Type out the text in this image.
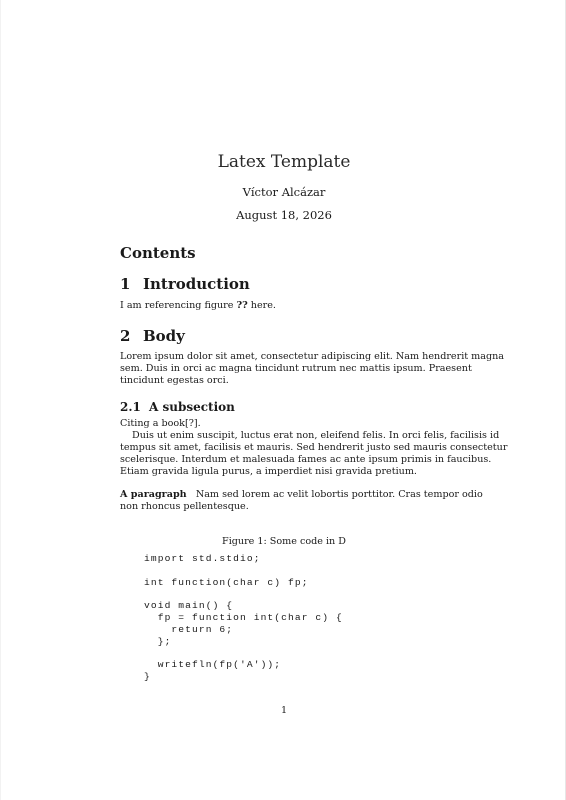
Latex Template
Víctor Alcázar
August 18, 2026
Contents
1 Introduction
I am referencing figure ?? here.
2 Body
Lorem ipsum dolor sit amet, consectetur adipiscing elit. Nam hendrerit magna
sem. Duis in orci ac magna tincidunt rutrum nec mattis ipsum. Praesent
tincidunt egestas orci.
2.1 A subsection
Citing a book[?].
Duis ut enim suscipit, luctus erat non, eleifend felis. In orci felis, facilisis id
tempus sit amet, facilisis et mauris. Sed hendrerit justo sed mauris consectetur
scelerisque. Interdum et malesuada fames ac ante ipsum primis in faucibus.
Etiam gravida ligula purus, a imperdiet nisi gravida pretium.
A paragraph Nam sed lorem ac velit lobortis porttitor. Cras tempor odio
non rhoncus pellentesque.
Figure 1: Some code in D
import std.stdio;
int function(char c) fp;
void main() {
fp = function int(char c) {
return 6;
};
writefln(fp('A'));
}
1
